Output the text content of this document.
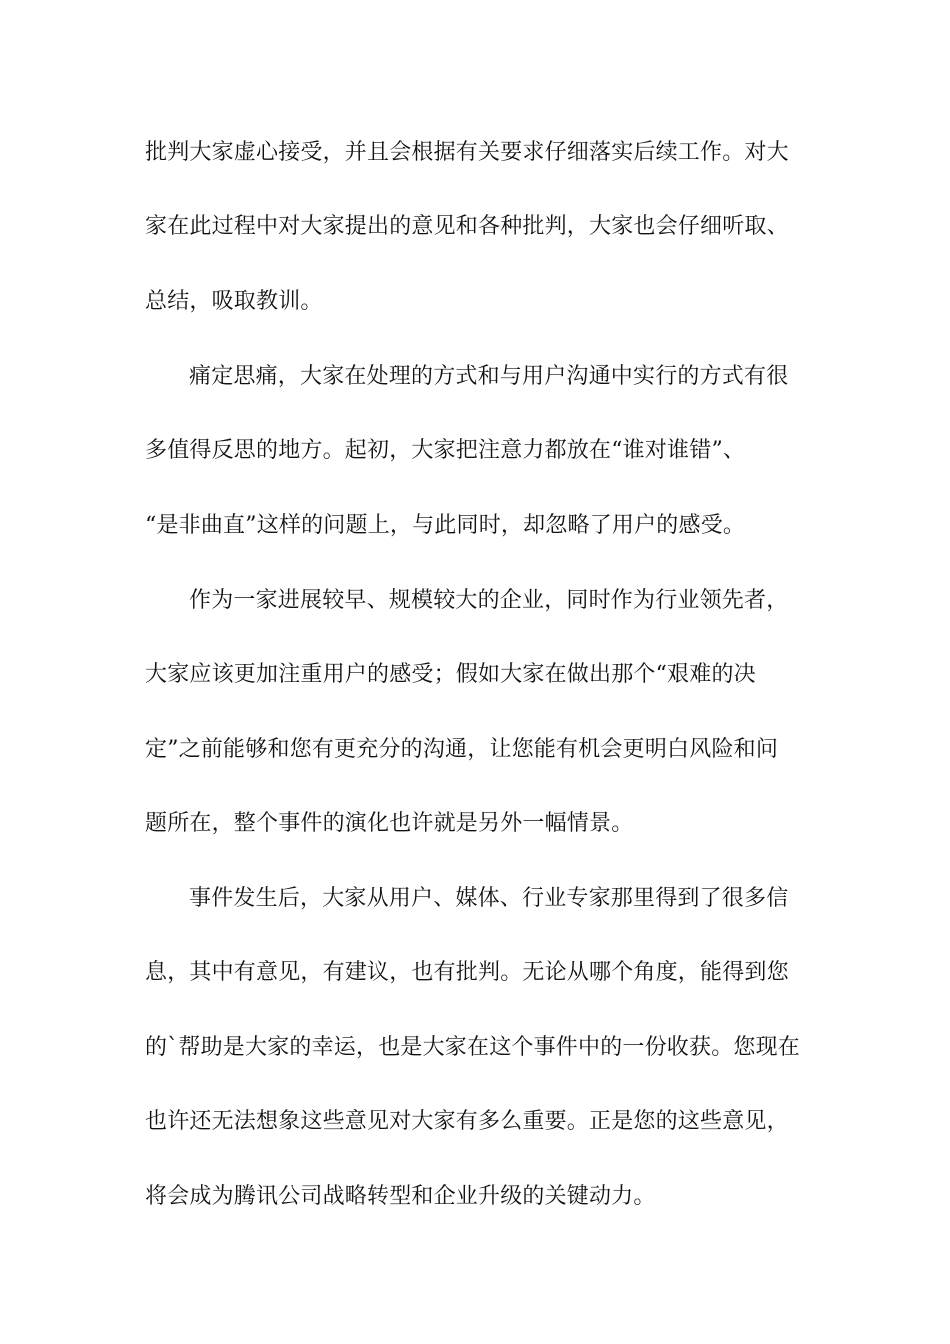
批判大家虚心接受，并且会根据有关要求仔细落实后续工作。对大
家在此过程中对大家提出的意见和各种批判，大家也会仔细听取、
总结，吸取教训。
痛定思痛，大家在处理的方式和与用户沟通中实行的方式有很
多值得反思的地方。起初，大家把注意力都放在“谁对谁错”、
“是非曲直”这样的问题上，与此同时，却忽略了用户的感受。
作为一家进展较早、规模较大的企业，同时作为行业领先者，
大家应该更加注重用户的感受；假如大家在做出那个“艰难的决
定”之前能够和您有更充分的沟通，让您能有机会更明白风险和问
题所在，整个事件的演化也许就是另外一幅情景。
事件发生后，大家从用户、媒体、行业专家那里得到了很多信
息，其中有意见，有建议，也有批判。无论从哪个角度，能得到您
的`帮助是大家的幸运，也是大家在这个事件中的一份收获。您现在
也许还无法想象这些意见对大家有多么重要。正是您的这些意见，
将会成为腾讯公司战略转型和企业升级的关键动力。
